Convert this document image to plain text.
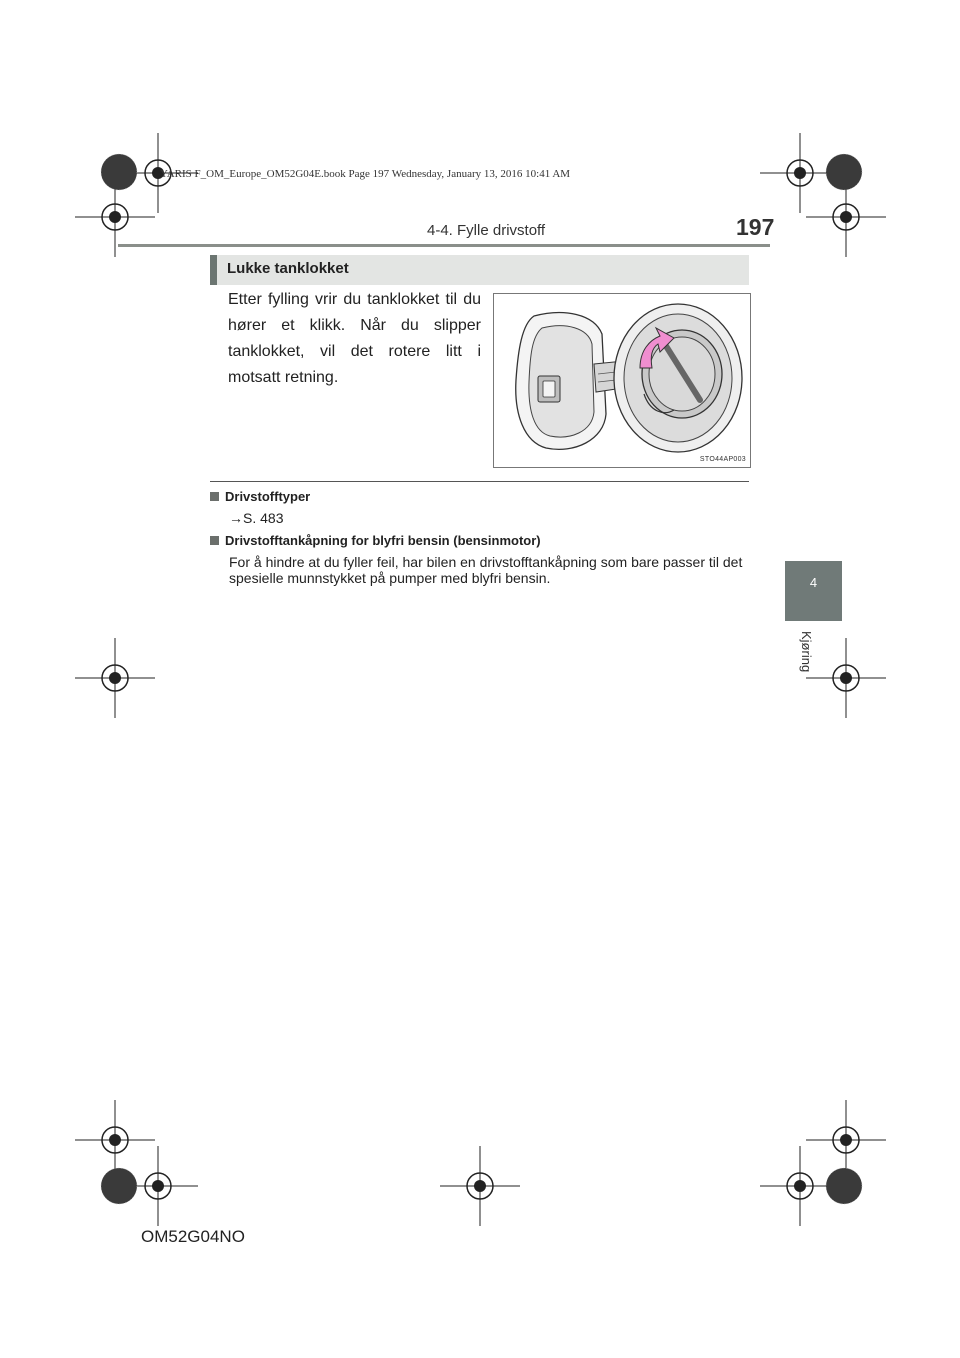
YARIS F_OM_Europe_OM52G04E.book Page 197 Wednesday, January 13, 2016 10:41 AM
4-4. Fylle drivstoff	197
4
Kjøring
Lukke tanklokket
Etter fylling vrir du tanklokket til du hører et klikk. Når du slipper tanklokket, vil det rotere litt i motsatt retning.
STO44AP003
Drivstofftyper
→S. 483
Drivstofftankåpning for blyfri bensin (bensinmotor)
For å hindre at du fyller feil, har bilen en drivstofftankåpning som bare passer til det spesielle munnstykket på pumper med blyfri bensin.
OM52G04NO
